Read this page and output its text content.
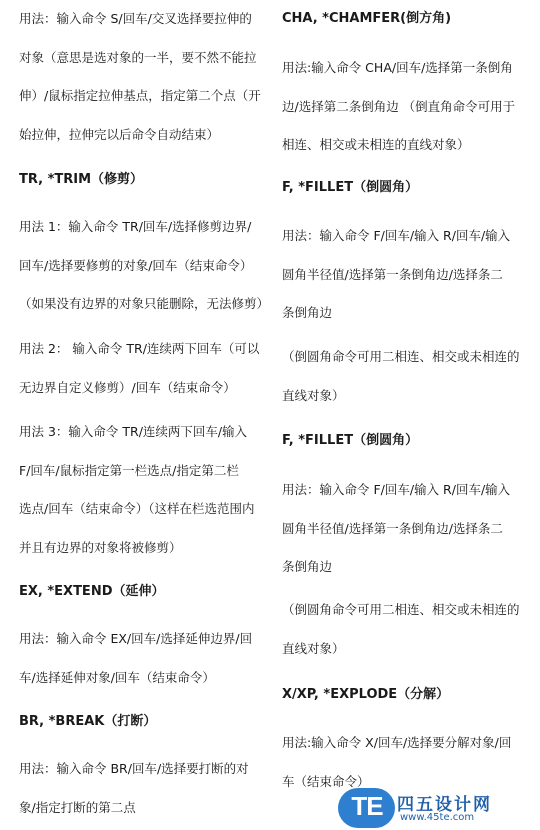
用法：输入命令 S/回车/交叉选择要拉伸的
对象（意思是选对象的一半，要不然不能拉
伸）/鼠标指定拉伸基点，指定第二个点（开
始拉伸，拉伸完以后命令自动结束）

TR, *TRIM（修剪）

用法 1：输入命令 TR/回车/选择修剪边界/
回车/选择要修剪的对象/回车（结束命令）
（如果没有边界的对象只能删除，无法修剪）

用法 2： 输入命令 TR/连续两下回车（可以
无边界自定义修剪）/回车（结束命令）

用法 3：输入命令 TR/连续两下回车/输入
F/回车/鼠标指定第一栏选点/指定第二栏
选点/回车（结束命令）（这样在栏选范围内
并且有边界的对象将被修剪）

EX, *EXTEND（延伸）

用法：输入命令 EX/回车/选择延伸边界/回
车/选择延伸对象/回车（结束命令）

BR, *BREAK（打断）

用法：输入命令 BR/回车/选择要打断的对
象/指定打断的第二点

CHA, *CHAMFER(倒方角)

用法:输入命令 CHA/回车/选择第一条倒角
边/选择第二条倒角边 （倒直角命令可用于
相连、相交或未相连的直线对象）

F, *FILLET（倒圆角）

用法：输入命令 F/回车/输入 R/回车/输入
圆角半径值/选择第一条倒角边/选择条二
条倒角边

（倒圆角命令可用二相连、相交或未相连的
直线对象）

F, *FILLET（倒圆角）

用法：输入命令 F/回车/输入 R/回车/输入
圆角半径值/选择第一条倒角边/选择条二
条倒角边

（倒圆角命令可用二相连、相交或未相连的
直线对象）

X/XP, *EXPLODE（分解）

用法:输入命令 X/回车/选择要分解对象/回
车（结束命令）

TE 四五设计网
www.45te.com
